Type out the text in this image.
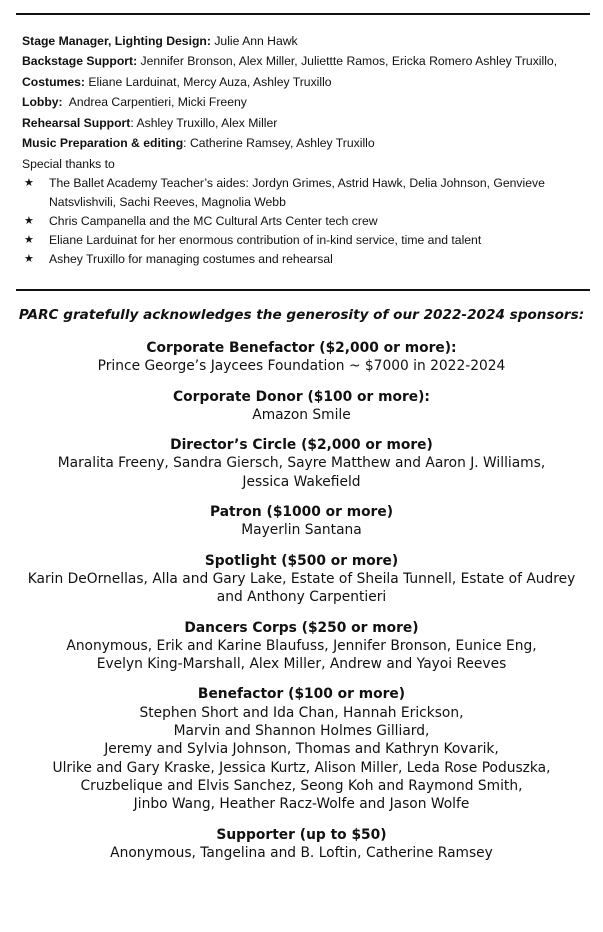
Stage Manager, Lighting Design: Julie Ann Hawk
Backstage Support: Jennifer Bronson, Alex Miller, Juliettte Ramos, Ericka Romero Ashley Truxillo,
Costumes: Eliane Larduinat, Mercy Auza, Ashley Truxillo
Lobby:  Andrea Carpentieri, Micki Freeny
Rehearsal Support: Ashley Truxillo, Alex Miller
Music Preparation & editing: Catherine Ramsey, Ashley Truxillo
Special thanks to
★ The Ballet Academy Teacher’s aides: Jordyn Grimes, Astrid Hawk, Delia Johnson, Genvieve Natsvlishvili, Sachi Reeves, Magnolia Webb
★ Chris Campanella and the MC Cultural Arts Center tech crew
★ Eliane Larduinat for her enormous contribution of in-kind service, time and talent
★ Ashey Truxillo for managing costumes and rehearsal
PARC gratefully acknowledges the generosity of our 2022-2024 sponsors:
Corporate Benefactor ($2,000 or more):
Prince George’s Jaycees Foundation ~ $7000 in 2022-2024
Corporate Donor ($100 or more):
Amazon Smile
Director’s Circle ($2,000 or more)
Maralita Freeny, Sandra Giersch, Sayre Matthew and Aaron J. Williams,
Jessica Wakefield
Patron ($1000 or more)
Mayerlin Santana
Spotlight ($500 or more)
Karin DeOrnellas, Alla and Gary Lake, Estate of Sheila Tunnell, Estate of Audrey
and Anthony Carpentieri
Dancers Corps ($250 or more)
Anonymous, Erik and Karine Blaufuss, Jennifer Bronson, Eunice Eng,
Evelyn King-Marshall, Alex Miller, Andrew and Yayoi Reeves
Benefactor ($100 or more)
Stephen Short and Ida Chan, Hannah Erickson,
Marvin and Shannon Holmes Gilliard,
Jeremy and Sylvia Johnson, Thomas and Kathryn Kovarik,
Ulrike and Gary Kraske, Jessica Kurtz, Alison Miller, Leda Rose Poduszka,
Cruzbelique and Elvis Sanchez, Seong Koh and Raymond Smith,
Jinbo Wang, Heather Racz-Wolfe and Jason Wolfe
Supporter (up to $50)
Anonymous, Tangelina and B. Loftin, Catherine Ramsey
